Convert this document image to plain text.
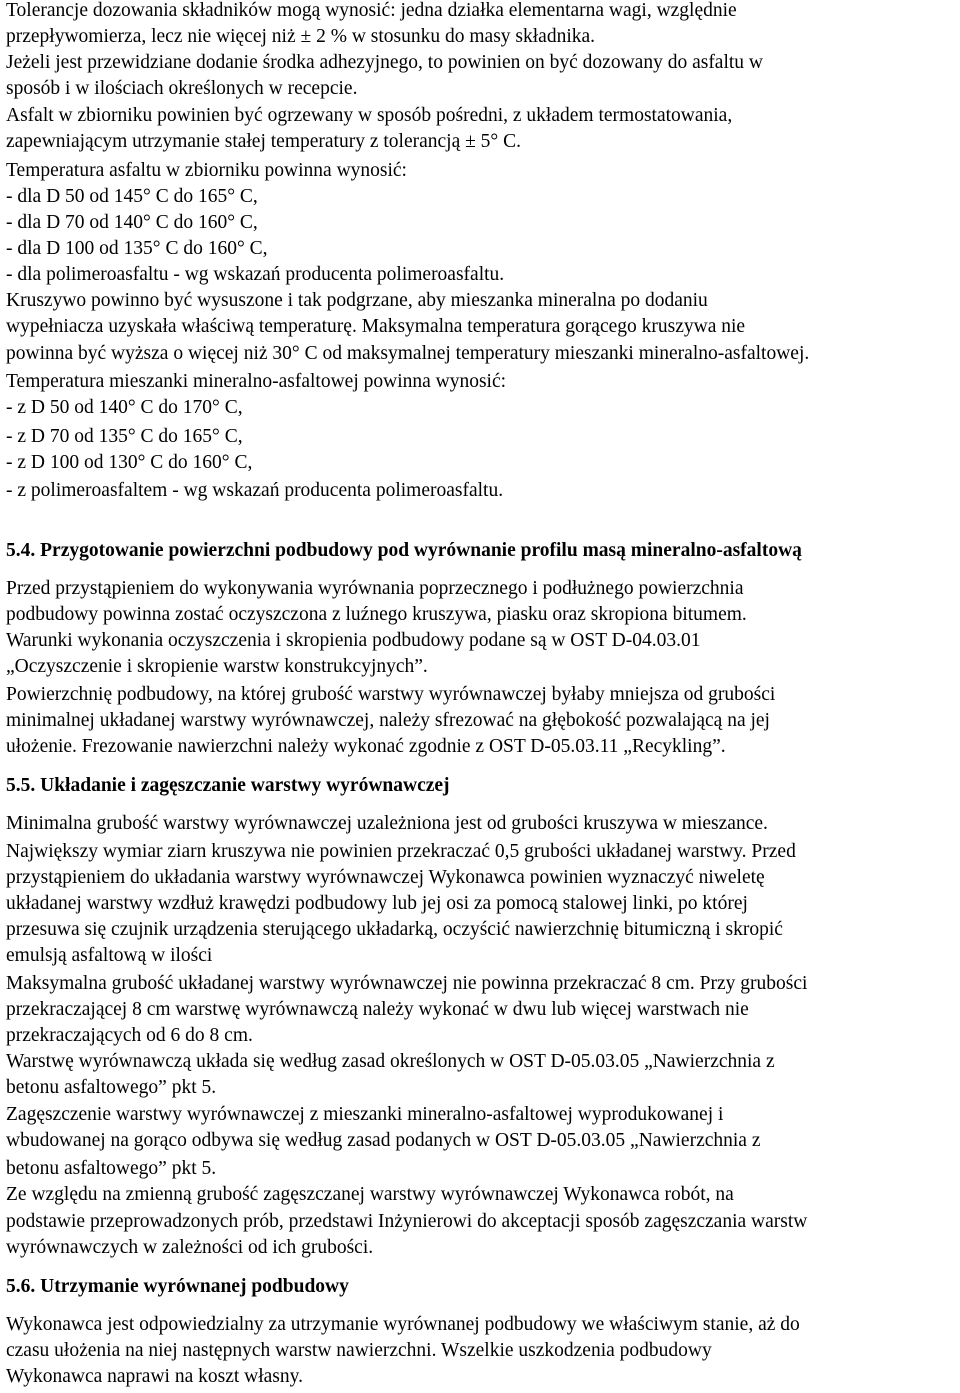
Tolerancje dozowania składników mogą wynosić: jedna działka elementarna wagi, względnie

przepływomierza, lecz nie więcej niż ± 2 % w stosunku do masy składnika.

Jeżeli jest przewidziane dodanie środka adhezyjnego, to powinien on być dozowany do asfaltu w

sposób i w ilościach określonych w recepcie.

Asfalt w zbiorniku powinien być ogrzewany w sposób pośredni, z układem termostatowania,

zapewniającym utrzymanie stałej temperatury z tolerancją ± 5° C.

Temperatura asfaltu w zbiorniku powinna wynosić:

- dla D 50 od 145° C do 165° C,

- dla D 70 od 140° C do 160° C,

- dla D 100 od 135° C do 160° C,

- dla polimeroasfaltu - wg wskazań producenta polimeroasfaltu.

Kruszywo powinno być wysuszone i tak podgrzane, aby mieszanka mineralna po dodaniu

wypełniacza uzyskała właściwą temperaturę. Maksymalna temperatura gorącego kruszywa nie

powinna być wyższa o więcej niż 30° C od maksymalnej temperatury mieszanki mineralno-asfaltowej.

Temperatura mieszanki mineralno-asfaltowej powinna wynosić:

- z D 50 od 140° C do 170° C,

- z D 70 od 135° C do 165° C,

- z D 100 od 130° C do 160° C,

- z polimeroasfaltem - wg wskazań producenta polimeroasfaltu.

5.4. Przygotowanie powierzchni podbudowy pod wyrównanie profilu masą mineralno-asfaltową

Przed przystąpieniem do wykonywania wyrównania poprzecznego i podłużnego powierzchnia

podbudowy powinna zostać oczyszczona z luźnego kruszywa, piasku oraz skropiona bitumem.

Warunki wykonania oczyszczenia i skropienia podbudowy podane są w OST D-04.03.01

„Oczyszczenie i skropienie warstw konstrukcyjnych”.

Powierzchnię podbudowy, na której grubość warstwy wyrównawczej byłaby mniejsza od grubości

minimalnej układanej warstwy wyrównawczej, należy sfrezować na głębokość pozwalającą na jej

ułożenie. Frezowanie nawierzchni należy wykonać zgodnie z OST D-05.03.11 „Recykling”.

5.5. Układanie i zagęszczanie warstwy wyrównawczej

Minimalna grubość warstwy wyrównawczej uzależniona jest od grubości kruszywa w mieszance.

Największy wymiar ziarn kruszywa nie powinien przekraczać 0,5 grubości układanej warstwy. Przed

przystąpieniem do układania warstwy wyrównawczej Wykonawca powinien wyznaczyć niweletę

układanej warstwy wzdłuż krawędzi podbudowy lub jej osi za pomocą stalowej linki, po której

przesuwa się czujnik urządzenia sterującego układarką, oczyścić nawierzchnię bitumiczną i skropić

emulsją asfaltową w ilości

Maksymalna grubość układanej warstwy wyrównawczej nie powinna przekraczać 8 cm. Przy grubości

przekraczającej 8 cm warstwę wyrównawczą należy wykonać w dwu lub więcej warstwach nie

przekraczających od 6 do 8 cm.

Warstwę wyrównawczą układa się według zasad określonych w OST D-05.03.05 „Nawierzchnia z

betonu asfaltowego” pkt 5.

Zagęszczenie warstwy wyrównawczej z mieszanki mineralno-asfaltowej wyprodukowanej i

wbudowanej na gorąco odbywa się według zasad podanych w OST D-05.03.05 „Nawierzchnia z

betonu asfaltowego” pkt 5.

Ze względu na zmienną grubość zagęszczanej warstwy wyrównawczej Wykonawca robót, na

podstawie przeprowadzonych prób, przedstawi Inżynierowi do akceptacji sposób zagęszczania warstw

wyrównawczych w zależności od ich grubości.

5.6. Utrzymanie wyrównanej podbudowy

Wykonawca jest odpowiedzialny za utrzymanie wyrównanej podbudowy we właściwym stanie, aż do

czasu ułożenia na niej następnych warstw nawierzchni. Wszelkie uszkodzenia podbudowy

Wykonawca naprawi na koszt własny.
